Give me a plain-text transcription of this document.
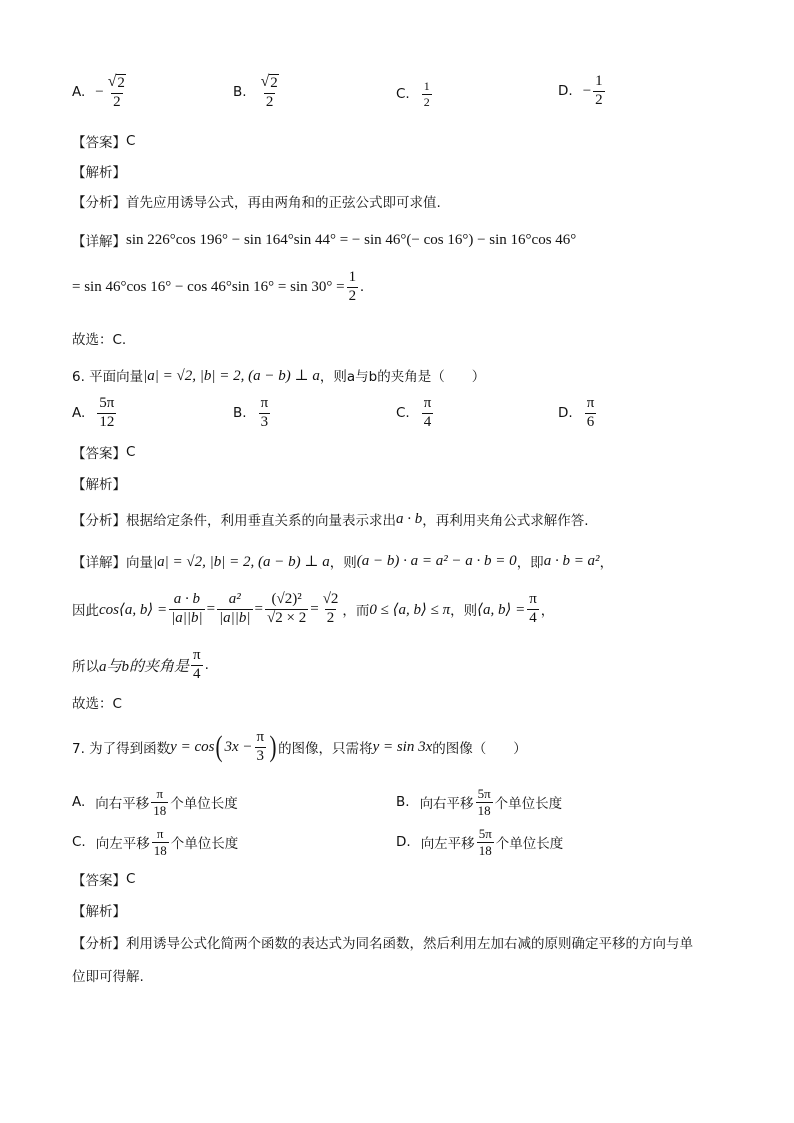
A. − $\frac{√ 2}{2}$	B. $\frac{√ 2}{2}$	C. $\frac{1}{2}$	D. − $\frac{1}{2}$
【答案】 C
【解析】
【分析】 首先应用诱导公式，再由两角和的正弦公式即可求值.
【详解】 sin 226°cos 196° − sin 164°sin 44° = − sin 46°(− cos 16°) − sin 16°cos 46°
= sin 46°cos 16° − cos 46°sin $16^\circ = \sin 30^\circ = \frac{1}{2}$ .
故选：C.
6. 平面向量 |a| = √2, |b| = 2, (a − b) ⊥ a ，则a与b的夹角是（　　）
A. $\frac{5\pi}{12}$	B. $\frac{\pi}{3}$	C. $\frac{\pi}{4}$	D. $\frac{\pi}{6}$
【答案】 C
【解析】
【分析】 根据给定条件，利用垂直关系的向量表示求出 a · b ，再利用夹角公式求解作答.
【详解】 向量 |a| = √2, |b| = 2, (a − b) ⊥ a ，则 (a − b) · a = a² − a · b = 0 ，即 a · b = a² ，
因此 cos⟨a, b⟩ = $\frac{a \cdot b}{|a||b|} = \frac{\text{a²}}{|a||b|} = \frac{\text{(√2)²}}{√2 \times 2} = \frac{√2}{2}$ ，而 0 ≤ ⟨a, b⟩ ≤ π ，则 ⟨a, b⟩ = $\frac{\pi}{4}$ ，
所以 a与b的夹角是 $\frac{\pi}{4}$ .
故选：C
7. 为了得到函数 y = cos ( $3x - \frac{\pi}{3}$ ) 的图像，只需将 y = sin 3x 的图像（　　）
A. 向右平移 $\frac{\pi}{18}$ 个单位长度	B. 向右平移 $\frac{5\pi}{18}$ 个单位长度
C. 向左平移 $\frac{\pi}{18}$ 个单位长度	D. 向左平移 $\frac{5\pi}{18}$ 个单位长度
【答案】 C
【解析】
【分析】 利用诱导公式化简两个函数的表达式为同名函数，然后利用左加右减的原则确定平移的方向与单
位即可得解.
